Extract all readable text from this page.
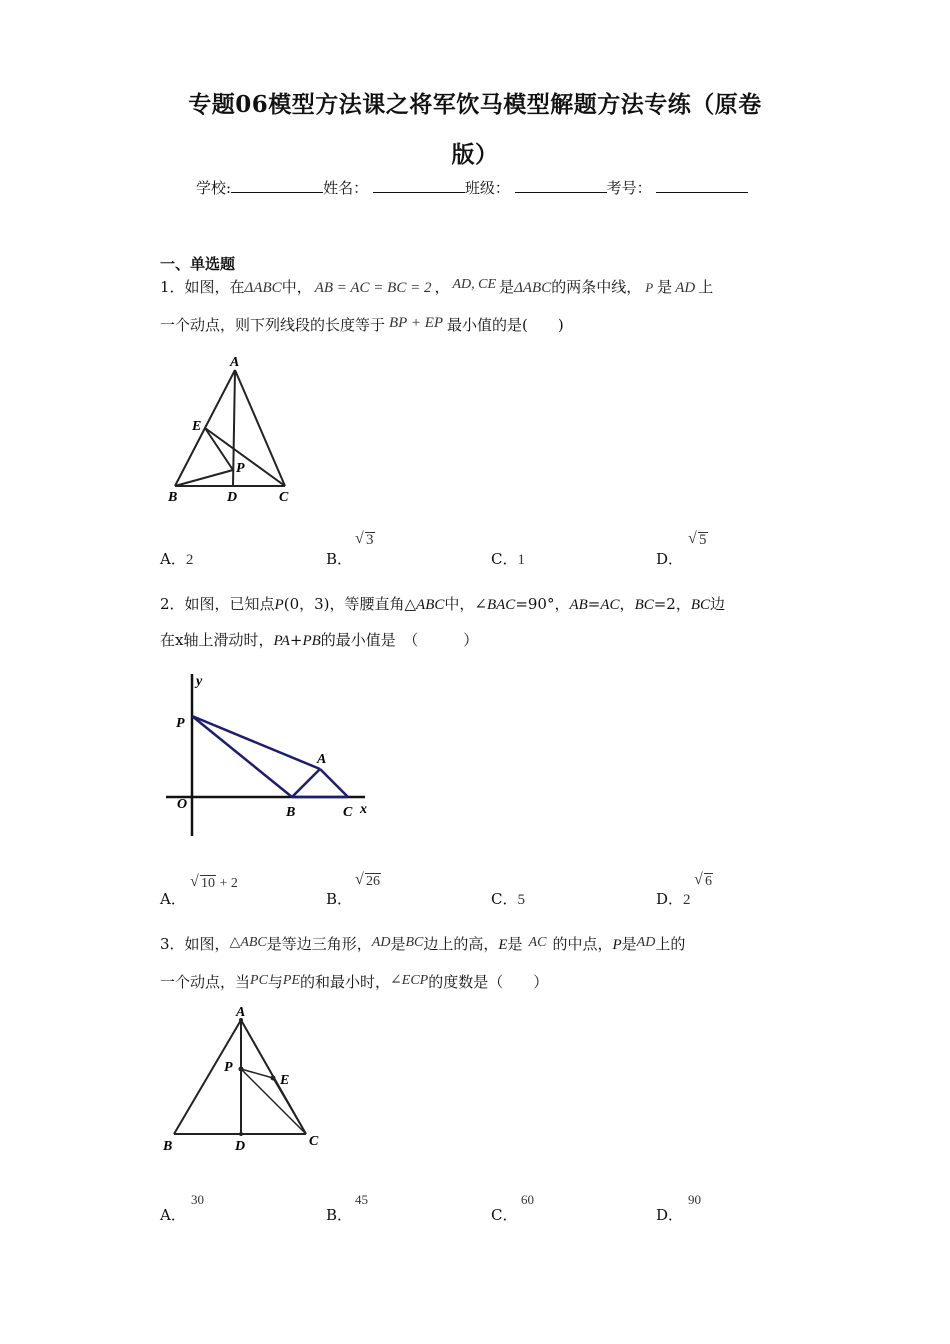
专题06模型方法课之将军饮马模型解题方法专练（原卷
版）
学校:	姓名：	班级：	考号：
一、单选题
1．如图，在ΔABC中， AB = AC = BC = 2 ， AD, CE 是ΔABC的两条中线， P 是 AD 上
一个动点，则下列线段的长度等于 BP + EP 最小值的是(　　)
A
E
P
B	D	C
A．2	B．
√ 3
C．1	D．
√ 5
2．如图，已知点P(0，3)，等腰直角△ABC中，∠BAC=90°，AB=AC，BC=2，BC边
在x轴上滑动时，PA+PB的最小值是　（　　　）
y
x
P
A
O
B	C
A．
√ 10 + 2
B．
√ 26
C．5	D．2
√ 6
3．如图，△ABC是等边三角形，AD是BC边上的高，E是 AC 的中点，P是AD上的
一个动点，当PC与PE的和最小时，∠ECP的度数是（　　）
A
P
E
B	D	C
A．
30
B．
45
C．
60
D．
90
